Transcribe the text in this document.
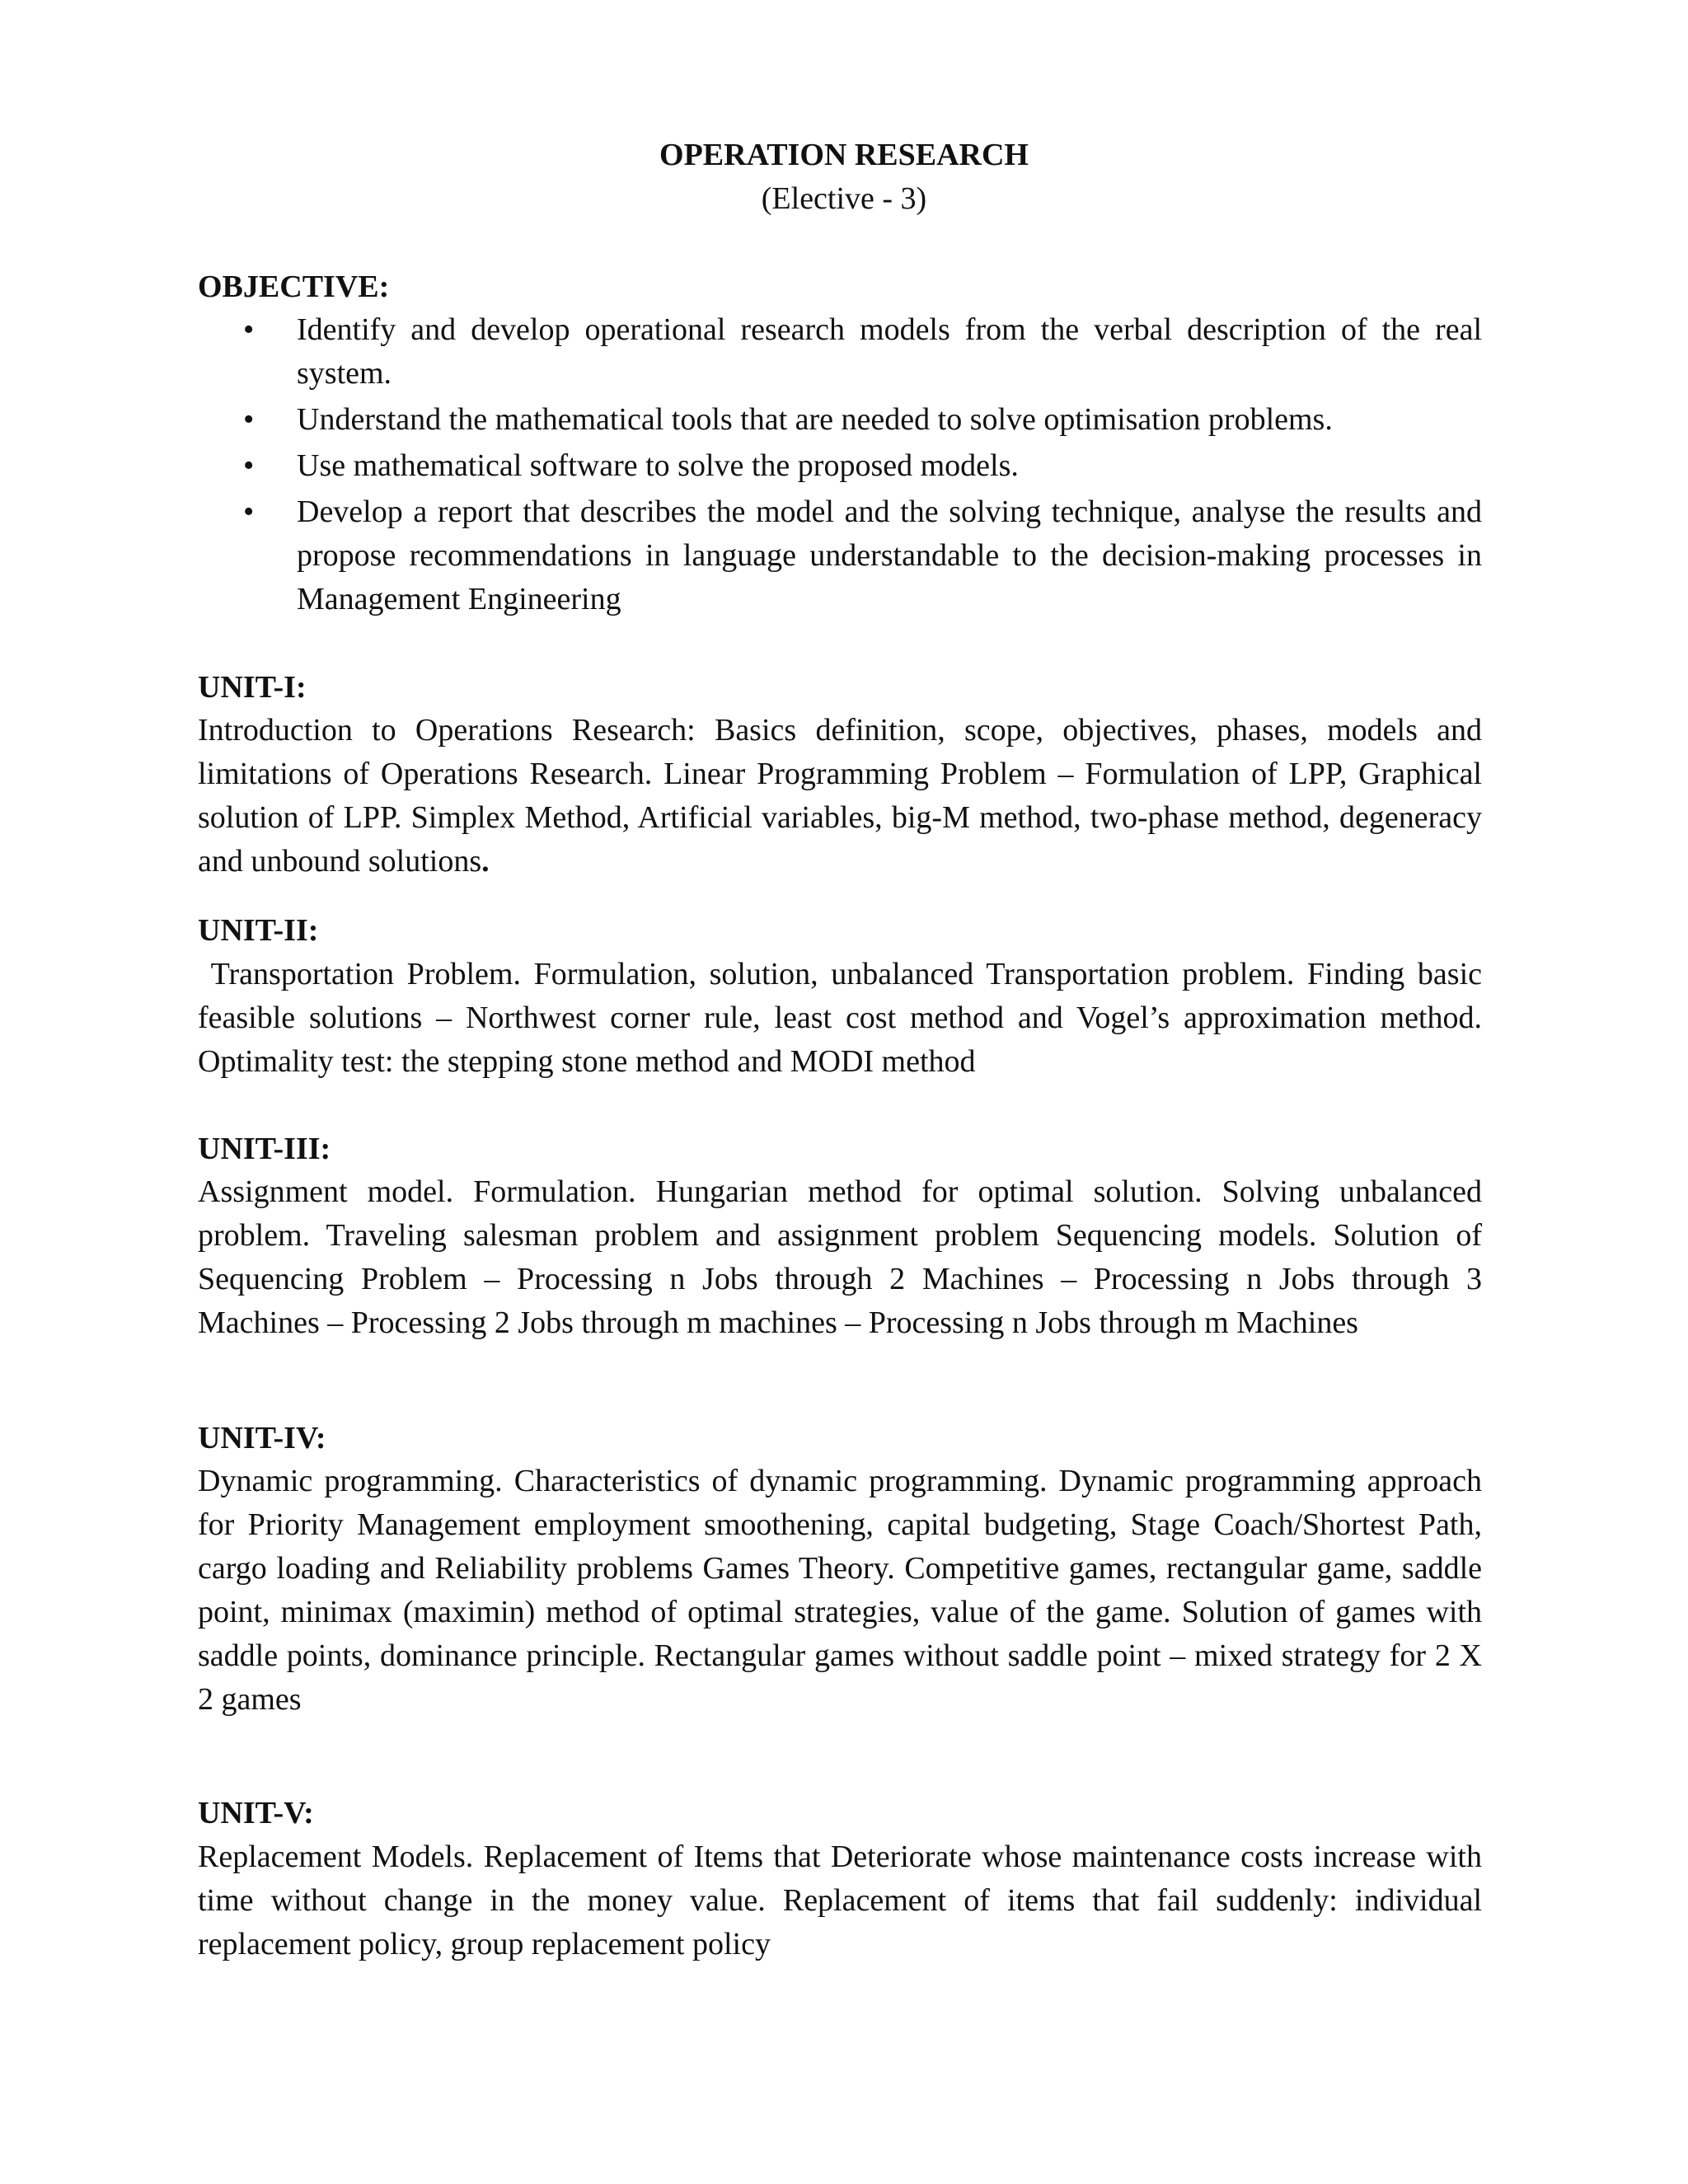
OPERATION RESEARCH
(Elective - 3)
OBJECTIVE:
• Identify and develop operational research models from the verbal description of the real system.
• Understand the mathematical tools that are needed to solve optimisation problems.
• Use mathematical software to solve the proposed models.
• Develop a report that describes the model and the solving technique, analyse the results and propose recommendations in language understandable to the decision-making processes in Management Engineering
UNIT-I:

Introduction to Operations Research: Basics definition, scope, objectives, phases, models and limitations of Operations Research. Linear Programming Problem – Formulation of LPP, Graphical solution of LPP. Simplex Method, Artificial variables, big-M method, two-phase method, degeneracy and unbound solutions.

UNIT-II:

Transportation Problem. Formulation, solution, unbalanced Transportation problem. Finding basic feasible solutions – Northwest corner rule, least cost method and Vogel’s approximation method. Optimality test: the stepping stone method and MODI method

UNIT-III:

Assignment model. Formulation. Hungarian method for optimal solution. Solving unbalanced problem. Traveling salesman problem and assignment problem Sequencing models. Solution of Sequencing Problem – Processing n Jobs through 2 Machines – Processing n Jobs through 3 Machines – Processing 2 Jobs through m machines – Processing n Jobs through m Machines

UNIT-IV:

Dynamic programming. Characteristics of dynamic programming. Dynamic programming approach for Priority Management employment smoothening, capital budgeting, Stage Coach/Shortest Path, cargo loading and Reliability problems Games Theory. Competitive games, rectangular game, saddle point, minimax (maximin) method of optimal strategies, value of the game. Solution of games with saddle points, dominance principle. Rectangular games without saddle point – mixed strategy for 2 X 2 games

UNIT-V:

Replacement Models. Replacement of Items that Deteriorate whose maintenance costs increase with time without change in the money value. Replacement of items that fail suddenly: individual replacement policy, group replacement policy
